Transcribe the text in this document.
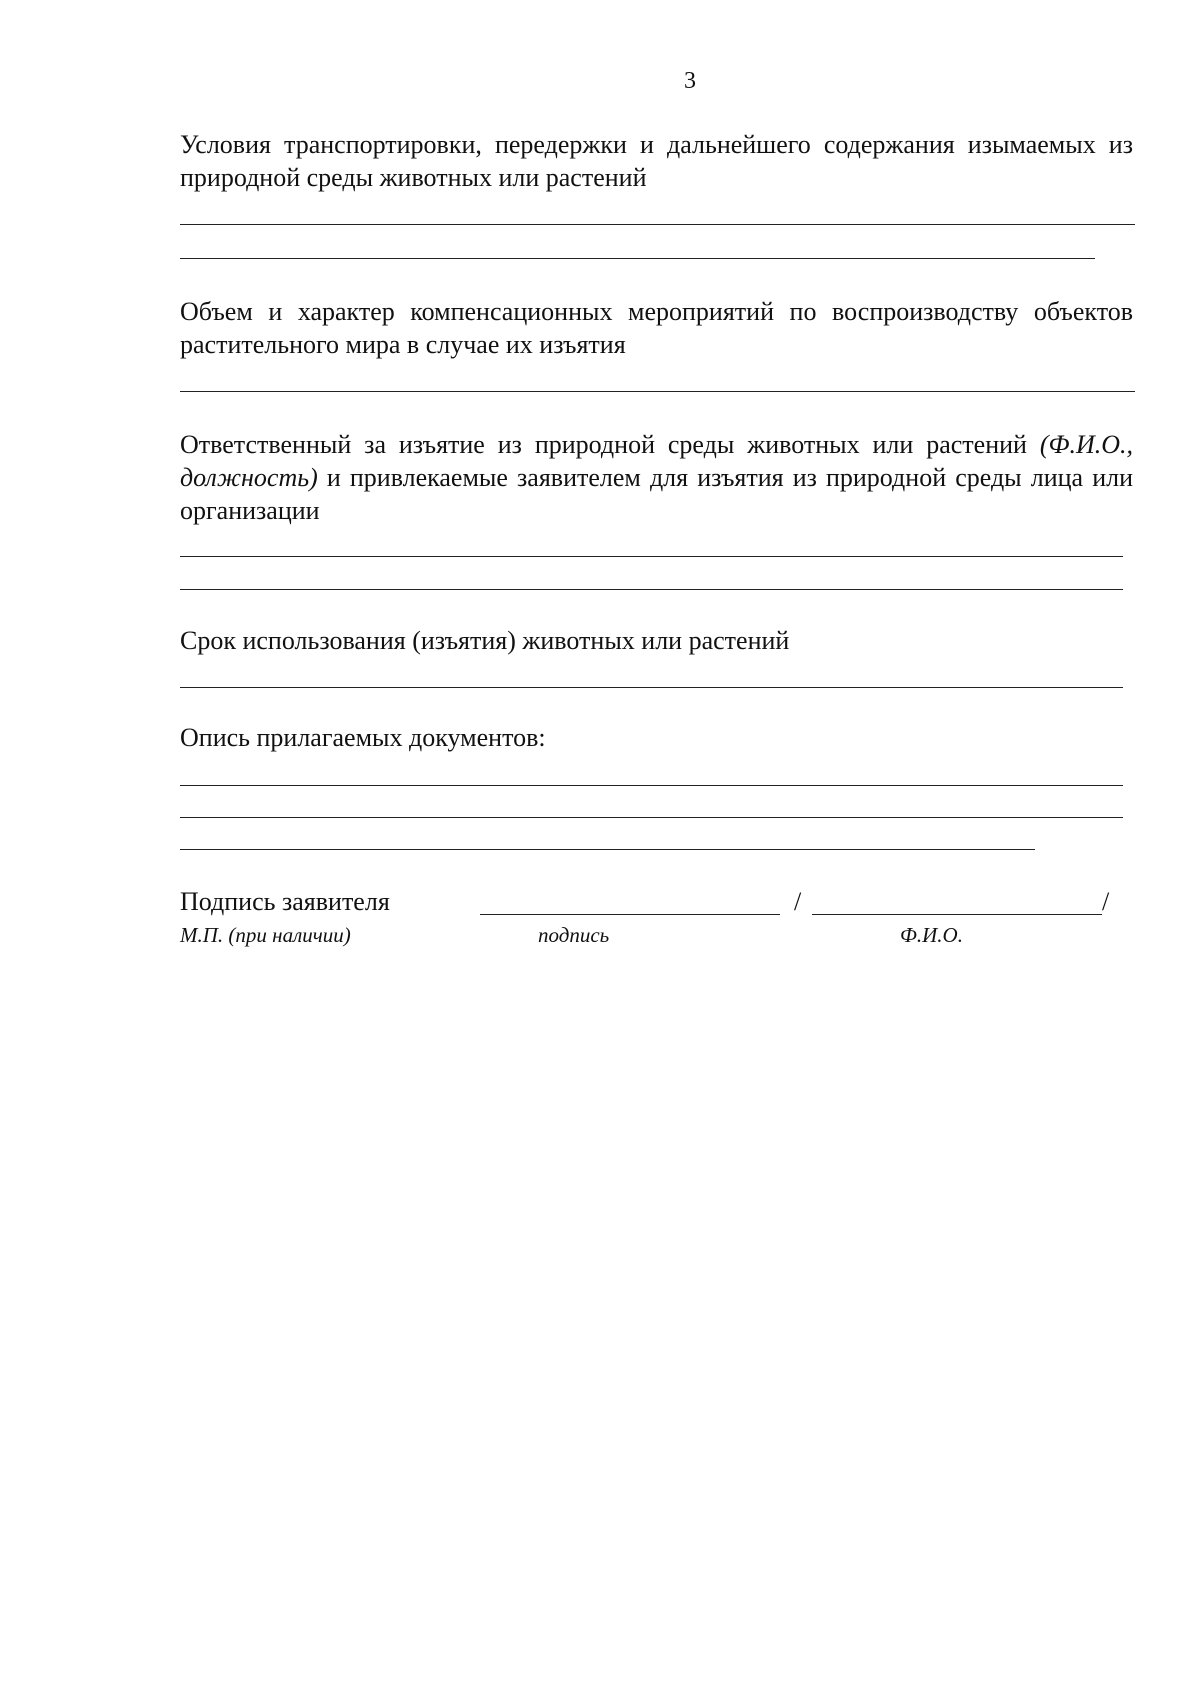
3
Условия транспортировки, передержки и дальнейшего содержания изымаемых из природной среды животных или растений
Объем и характер компенсационных мероприятий по воспроизводству объектов растительного мира в случае их изъятия
Ответственный за изъятие из природной среды животных или растений (Ф.И.О., должность) и привлекаемые заявителем для изъятия из природной среды лица или организации
Срок использования (изъятия) животных или растений
Опись прилагаемых документов:
Подпись заявителя	/	/
М.П. (при наличии)	подпись	Ф.И.О.
